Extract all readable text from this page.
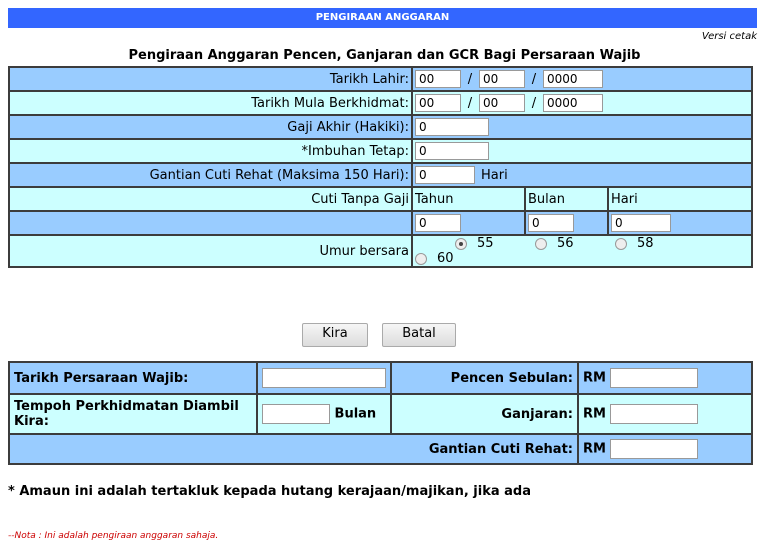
PENGIRAAN ANGGARAN
Versi cetak
Pengiraan Anggaran Pencen, Ganjaran dan GCR Bagi Persaraan Wajib
Tarikh Lahir:	00/00 /0000
Tarikh Mula Berkhidmat:	00/00 /0000
Gaji Akhir (Hakiki):	0
*Imbuhan Tetap:	0
Gantian Cuti Rehat (Maksima 150 Hari):	0Hari
Cuti Tanpa Gaji	Tahun	Bulan	Hari
	0	0	0
Umur bersara	55 56 5860		
Kira	Batal
Tarikh Persaraan Wajib:		Pencen Sebulan:	RM
Tempoh Perkhidmatan Diambil Kira:	Bulan	Ganjaran:	RM
Gantian Cuti Rehat:			RM
* Amaun ini adalah tertakluk kepada hutang kerajaan/majikan, jika ada
--Nota : Ini adalah pengiraan anggaran sahaja.
